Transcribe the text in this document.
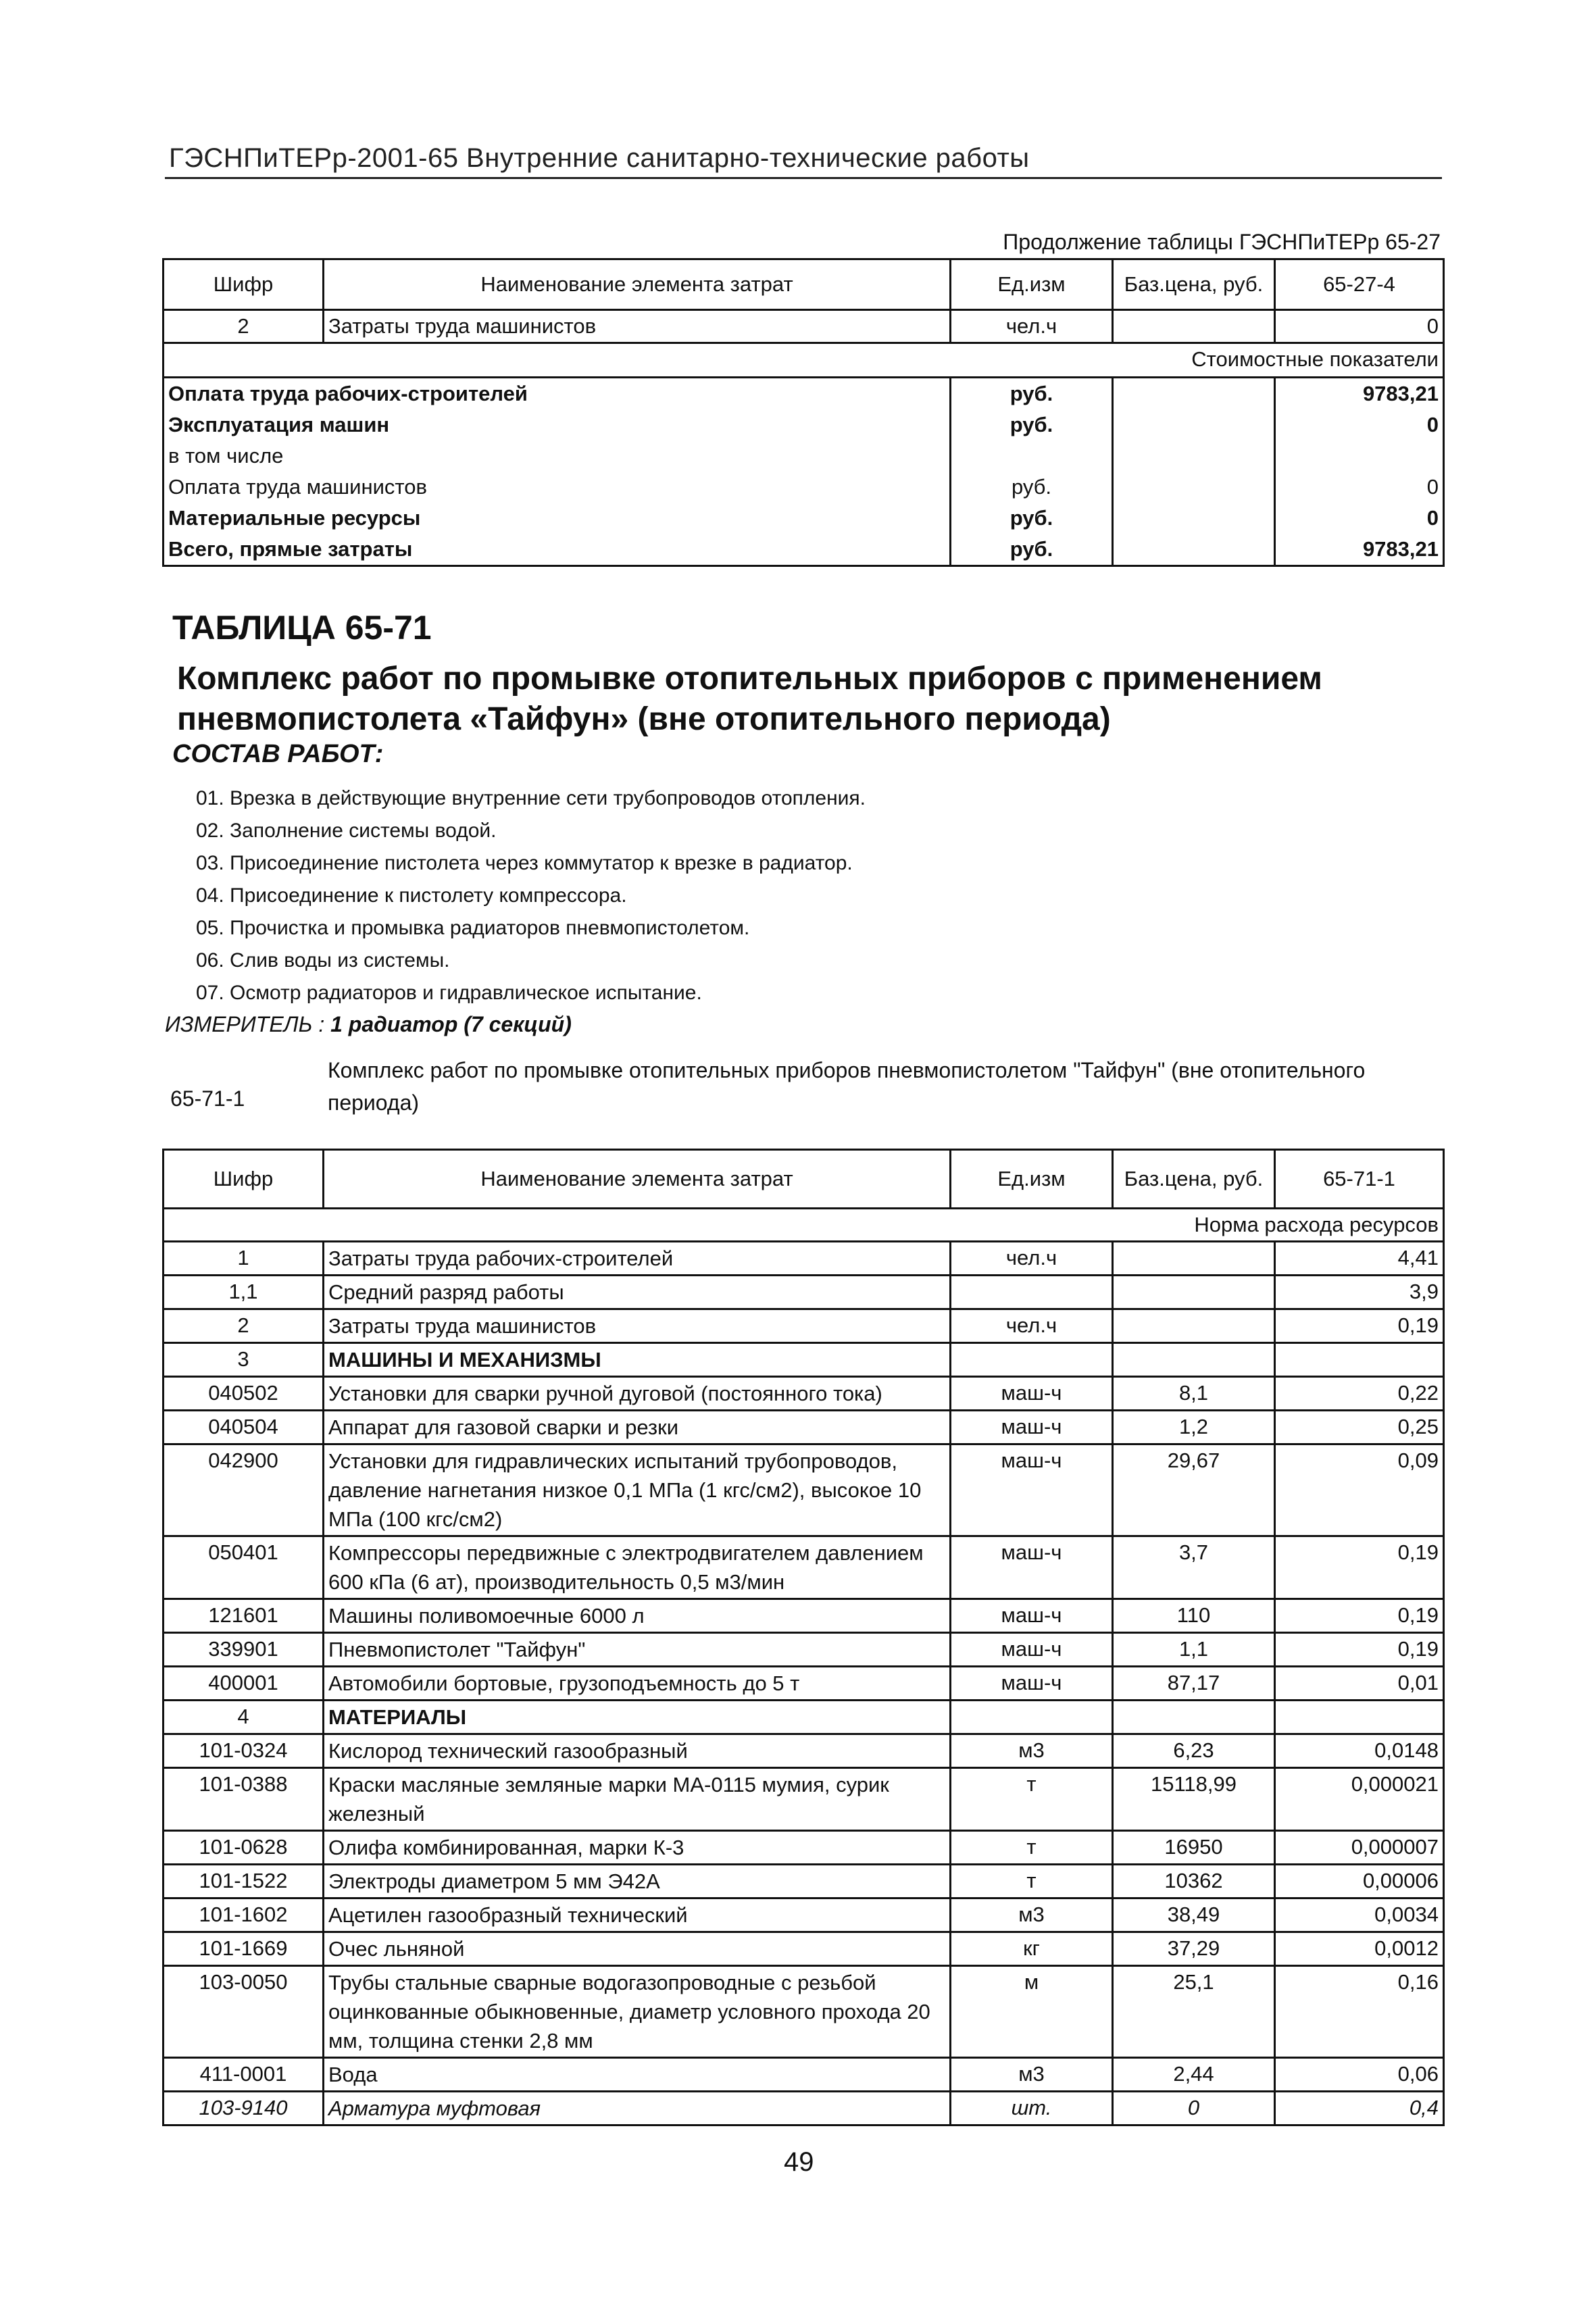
ГЭСНПиТЕРр-2001-65 Внутренние санитарно-технические работы
Продолжение таблицы ГЭСНПиТЕРр 65-27
Шифр	Наименование элемента затрат	Ед.изм	Баз.цена, руб.	65-27-4
2	Затраты труда машинистов	чел.ч		0
Стоимостные показатели				
Оплата труда рабочих-строителей		руб.		9783,21
Эксплуатация машин		руб.		0
в том числе				
Оплата труда машинистов		руб.		0
Материальные ресурсы		руб.		0
Всего, прямые затраты		руб.		9783,21
ТАБЛИЦА 65-71
Комплекс работ по промывке отопительных приборов с применением пневмопистолета «Тайфун» (вне отопительного периода)
СОСТАВ РАБОТ:
01. Врезка в действующие внутренние сети трубопроводов отопления.
02. Заполнение системы водой.
03. Присоединение пистолета через коммутатор к врезке в радиатор.
04. Присоединение к пистолету компрессора.
05. Прочистка и промывка радиаторов пневмопистолетом.
06. Слив воды из системы.
07. Осмотр радиаторов и гидравлическое испытание.
ИЗМЕРИТЕЛЬ : 1 радиатор (7 секций)
Комплекс работ по промывке отопительных приборов пневмопистолетом "Тайфун" (вне отопительного периода)
65-71-1
Шифр	Наименование элемента затрат	Ед.изм	Баз.цена, руб.	65-71-1
Норма расхода ресурсов				
1	Затраты труда рабочих-строителей	чел.ч		4,41
1,1	Средний разряд работы			3,9
2	Затраты труда машинистов	чел.ч		0,19
3	МАШИНЫ И МЕХАНИЗМЫ			
040502	Установки для сварки ручной дуговой (постоянного тока)	маш-ч	8,1	0,22
040504	Аппарат для газовой сварки и резки	маш-ч	1,2	0,25
042900	Установки для гидравлических испытаний трубопроводов, давление нагнетания низкое 0,1 МПа (1 кгс/см2), высокое 10 МПа (100 кгс/см2)	маш-ч	29,67	0,09
050401	Компрессоры передвижные с электродвигателем давлением 600 кПа (6 ат), производительность 0,5 м3/мин	маш-ч	3,7	0,19
121601	Машины поливомоечные 6000 л	маш-ч	110	0,19
339901	Пневмопистолет "Тайфун"	маш-ч	1,1	0,19
400001	Автомобили бортовые, грузоподъемность до 5 т	маш-ч	87,17	0,01
4	МАТЕРИАЛЫ			
101-0324	Кислород технический газообразный	м3	6,23	0,0148
101-0388	Краски масляные земляные марки МА-0115 мумия, сурик железный	т	15118,99	0,000021
101-0628	Олифа комбинированная, марки К-3	т	16950	0,000007
101-1522	Электроды диаметром 5 мм Э42А	т	10362	0,00006
101-1602	Ацетилен газообразный технический	м3	38,49	0,0034
101-1669	Очес льняной	кг	37,29	0,0012
103-0050	Трубы стальные сварные водогазопроводные с резьбой оцинкованные обыкновенные, диаметр условного прохода 20 мм, толщина стенки 2,8 мм	м	25,1	0,16
411-0001	Вода	м3	2,44	0,06
103-9140	Арматура муфтовая	шт.	0	0,4
49
